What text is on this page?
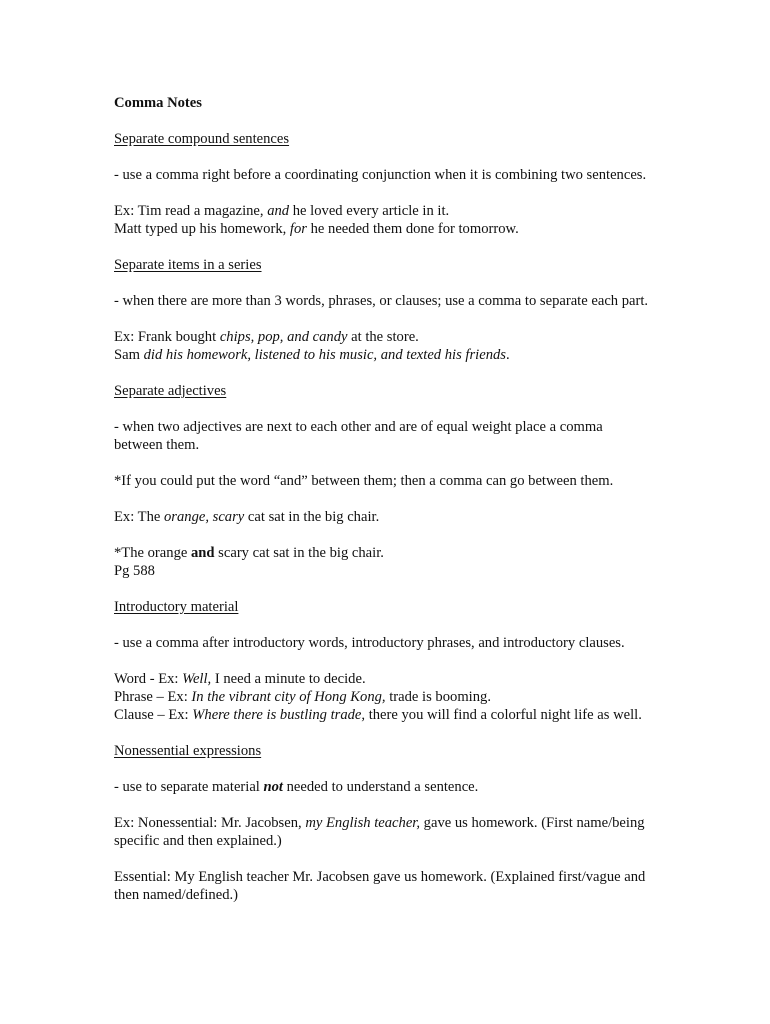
Comma Notes

Separate compound sentences

- use a comma right before a coordinating conjunction when it is combining two sentences.

Ex: Tim read a magazine, and he loved every article in it.

Matt typed up his homework, for he needed them done for tomorrow.

Separate items in a series

- when there are more than 3 words, phrases, or clauses; use a comma to separate each part.

Ex: Frank bought chips, pop, and candy at the store.

Sam did his homework, listened to his music, and texted his friends.

Separate adjectives

- when two adjectives are next to each other and are of equal weight place a comma between them.

*If you could put the word “and” between them; then a comma can go between them.

Ex: The orange, scary cat sat in the big chair.

*The orange and scary cat sat in the big chair.

Pg 588

Introductory material

- use a comma after introductory words, introductory phrases, and introductory clauses.

Word - Ex: Well, I need a minute to decide.

Phrase – Ex: In the vibrant city of Hong Kong, trade is booming.

Clause – Ex: Where there is bustling trade, there you will find a colorful night life as well.

Nonessential expressions

- use to separate material not needed to understand a sentence.

Ex: Nonessential: Mr. Jacobsen, my English teacher, gave us homework. (First name/being specific and then explained.)

Essential: My English teacher Mr. Jacobsen gave us homework. (Explained first/vague and then named/defined.)
